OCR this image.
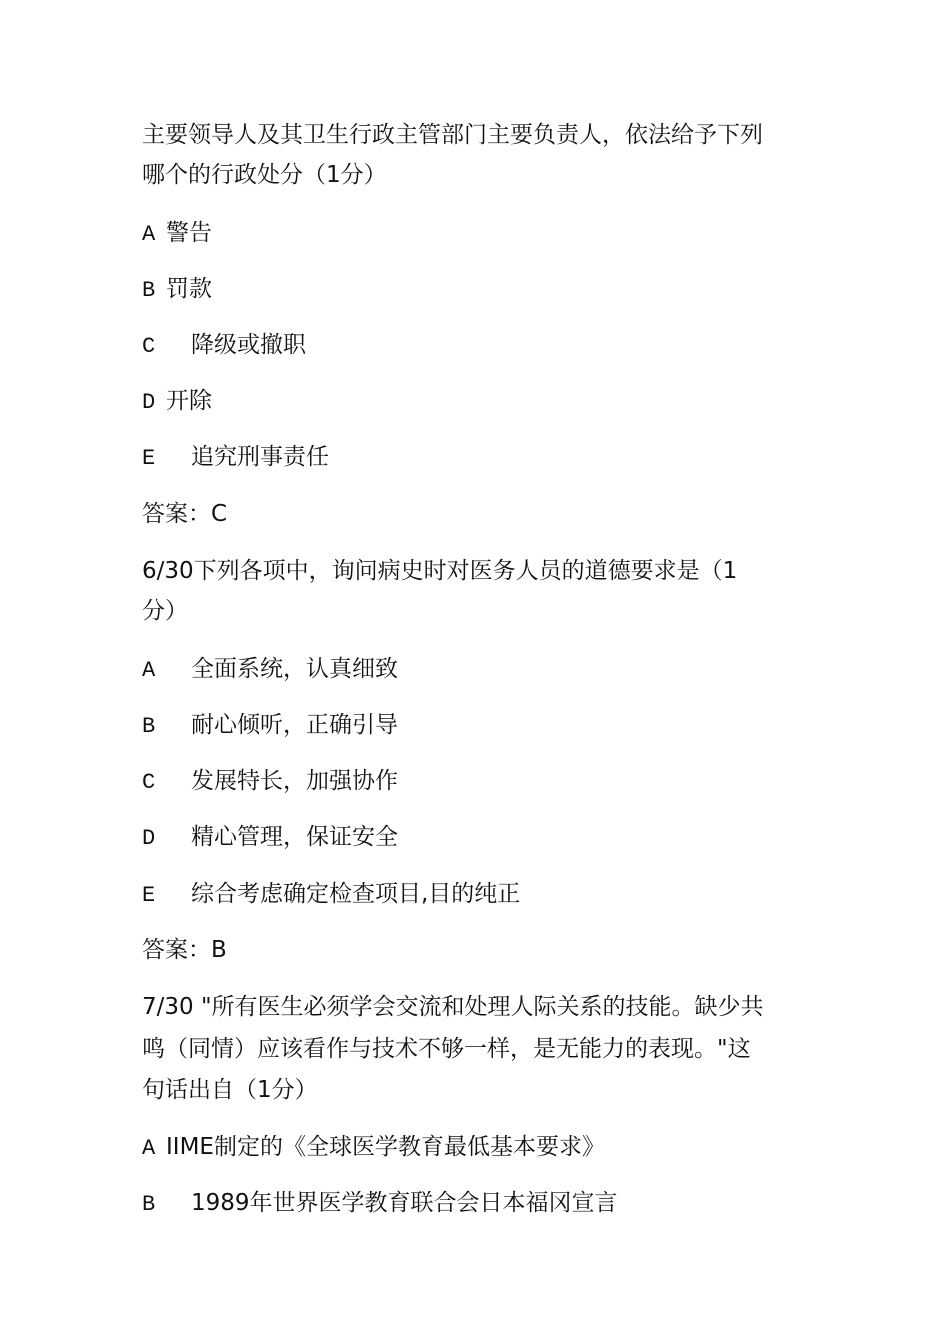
主要领导人及其卫生行政主管部门主要负责人，依法给予下列
哪个的行政处分（1分）
A 警告
B 罚款
C 降级或撤职
D 开除
E 追究刑事责任
答案：C
6/30下列各项中，询问病史时对医务人员的道德要求是（1
分）
A 全面系统，认真细致
B 耐心倾听，正确引导
C 发展特长，加强协作
D 精心管理，保证安全
E 综合考虑确定检查项目,目的纯正
答案：B
7/30 "所有医生必须学会交流和处理人际关系的技能。缺少共
鸣（同情）应该看作与技术不够一样，是无能力的表现。"这
句话出自（1分）
A IIME制定的《全球医学教育最低基本要求》
B 1989年世界医学教育联合会日本福冈宣言
